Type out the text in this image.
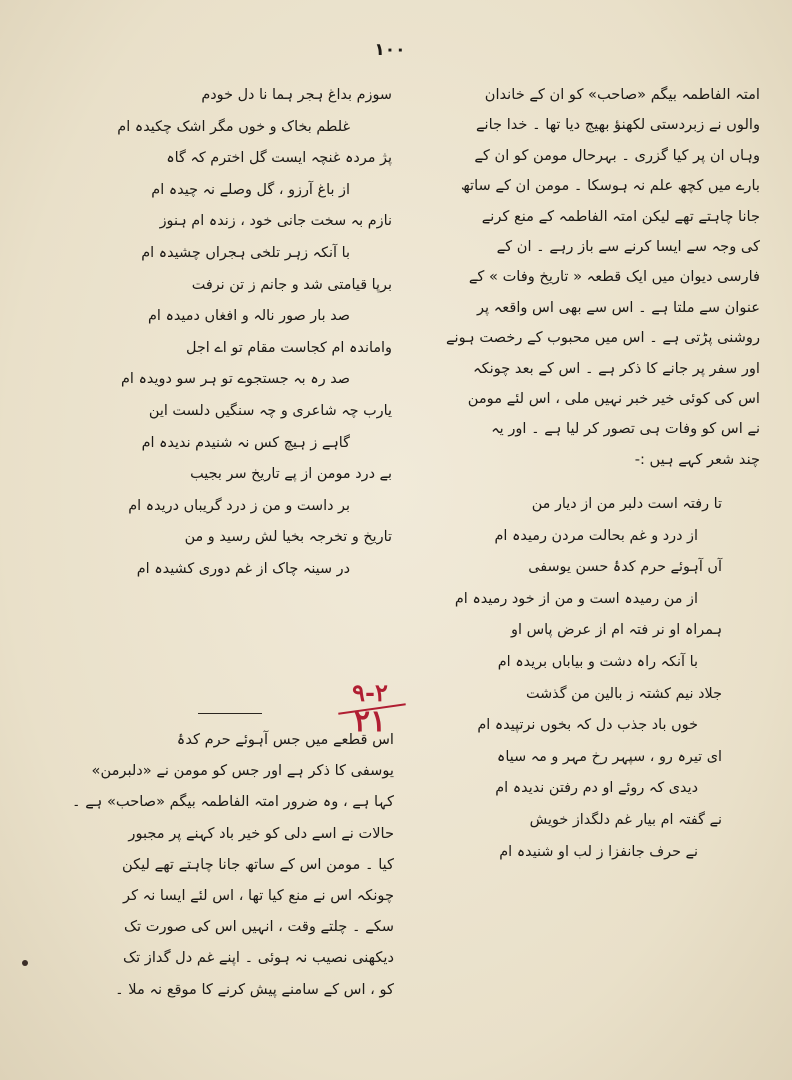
۱۰۰
امتہ الفاطمہ بیگم «صاحب» کو ان کے خاندان
والوں نے زبردستی لکھنؤ بھیج دیا تھا ۔ خدا جانے
وہاں ان پر کیا گزری ۔ بہرحال مومن کو ان کے
بارے میں کچھ علم نہ ہوسکا ۔ مومن ان کے ساتھ
جانا چاہتے تھے لیکن امتہ الفاطمہ کے منع کرنے
کی وجہ سے ایسا کرنے سے باز رہے ۔ ان کے
فارسی دیوان میں ایک قطعہ « تاریخ وفات » کے
عنوان سے ملتا ہے ۔ اس سے بھی اس واقعہ پر
روشنی پڑتی ہے ۔ اس میں محبوب کے رخصت ہونے
اور سفر پر جانے کا ذکر ہے ۔ اس کے بعد چونکہ
اس کی کوئی خیر خبر نہیں ملی ، اس لئے مومن
نے اس کو وفات ہی تصور کر لیا ہے ۔ اور یہ
چند شعر کہے ہیں :-
تا رفتہ است دلبر من از دیار من
از درد و غم بحالت مردن رمیدہ ام
آں آہوئے حرم کدۂ حسن یوسفی
از من رمیدہ است و من از خود رمیدہ ام
ہمراہ او نر فتہ ام از عرض پاس او
با آنکہ راہ دشت و بیاباں بریدہ ام
جلاد نیم کشتہ ز بالین من گذشت
خوں باد جذب دل کہ بخوں نرتپیدہ ام
ای تیرہ رو ، سپہر رخ مہر و مہ سیاہ
دیدی کہ روئے او دم رفتن ندیدہ ام
نے گفتہ ام بیار غم دلگداز خویش
نے حرف جانفزا ز لب او شنیدہ ام
سوزم بداغ ہجر ہما نا دل خودم
غلطم بخاک و خوں مگر اشک چکیدہ ام
پژ مردہ غنچہ ایست گل اخترم کہ گاہ
از باغ آرزو ، گل وصلے نہ چیدہ ام
نازم بہ سخت جانی خود ، زندہ ام ہنوز
با آنکہ زہر تلخی ہجراں چشیدہ ام
برپا قیامتی شد و جانم ز تن نرفت
صد بار صور نالہ و افغاں دمیدہ ام
واماندہ ام کجاست مقام تو اے اجل
صد رہ بہ جستجوے تو ہر سو دویدہ ام
یارب چہ شاعری و چہ سنگیں دلست این
گاہے ز ہیچ کس نہ شنیدم ندیدہ ام
بے درد مومن از پے تاریخ سر بجیب
بر داست و من ز درد گریباں دریدہ ام
تاریخ و تخرجہ بخیا لش رسید و من
در سینہ چاک از غم دوری کشیدہ ام
اس قطعے میں جس آہوئے حرم کدۂ
یوسفی کا ذکر ہے اور جس کو مومن نے «دلبرمن»
کہا ہے ، وہ ضرور امتہ الفاطمہ بیگم «صاحب» ہے ۔
حالات نے اسے دلی کو خیر باد کہنے پر مجبور
کیا ۔ مومن اس کے ساتھ جانا چاہتے تھے لیکن
چونکہ اس نے منع کیا تھا ، اس لئے ایسا نہ کر
سکے ۔ چلتے وقت ، انہیں اس کی صورت تک
دیکھنی نصیب نہ ہوئی ۔ اپنے غم دل گداز تک
کو ، اس کے سامنے پیش کرنے کا موقع نہ ملا ۔
۹-۲
۲۱
